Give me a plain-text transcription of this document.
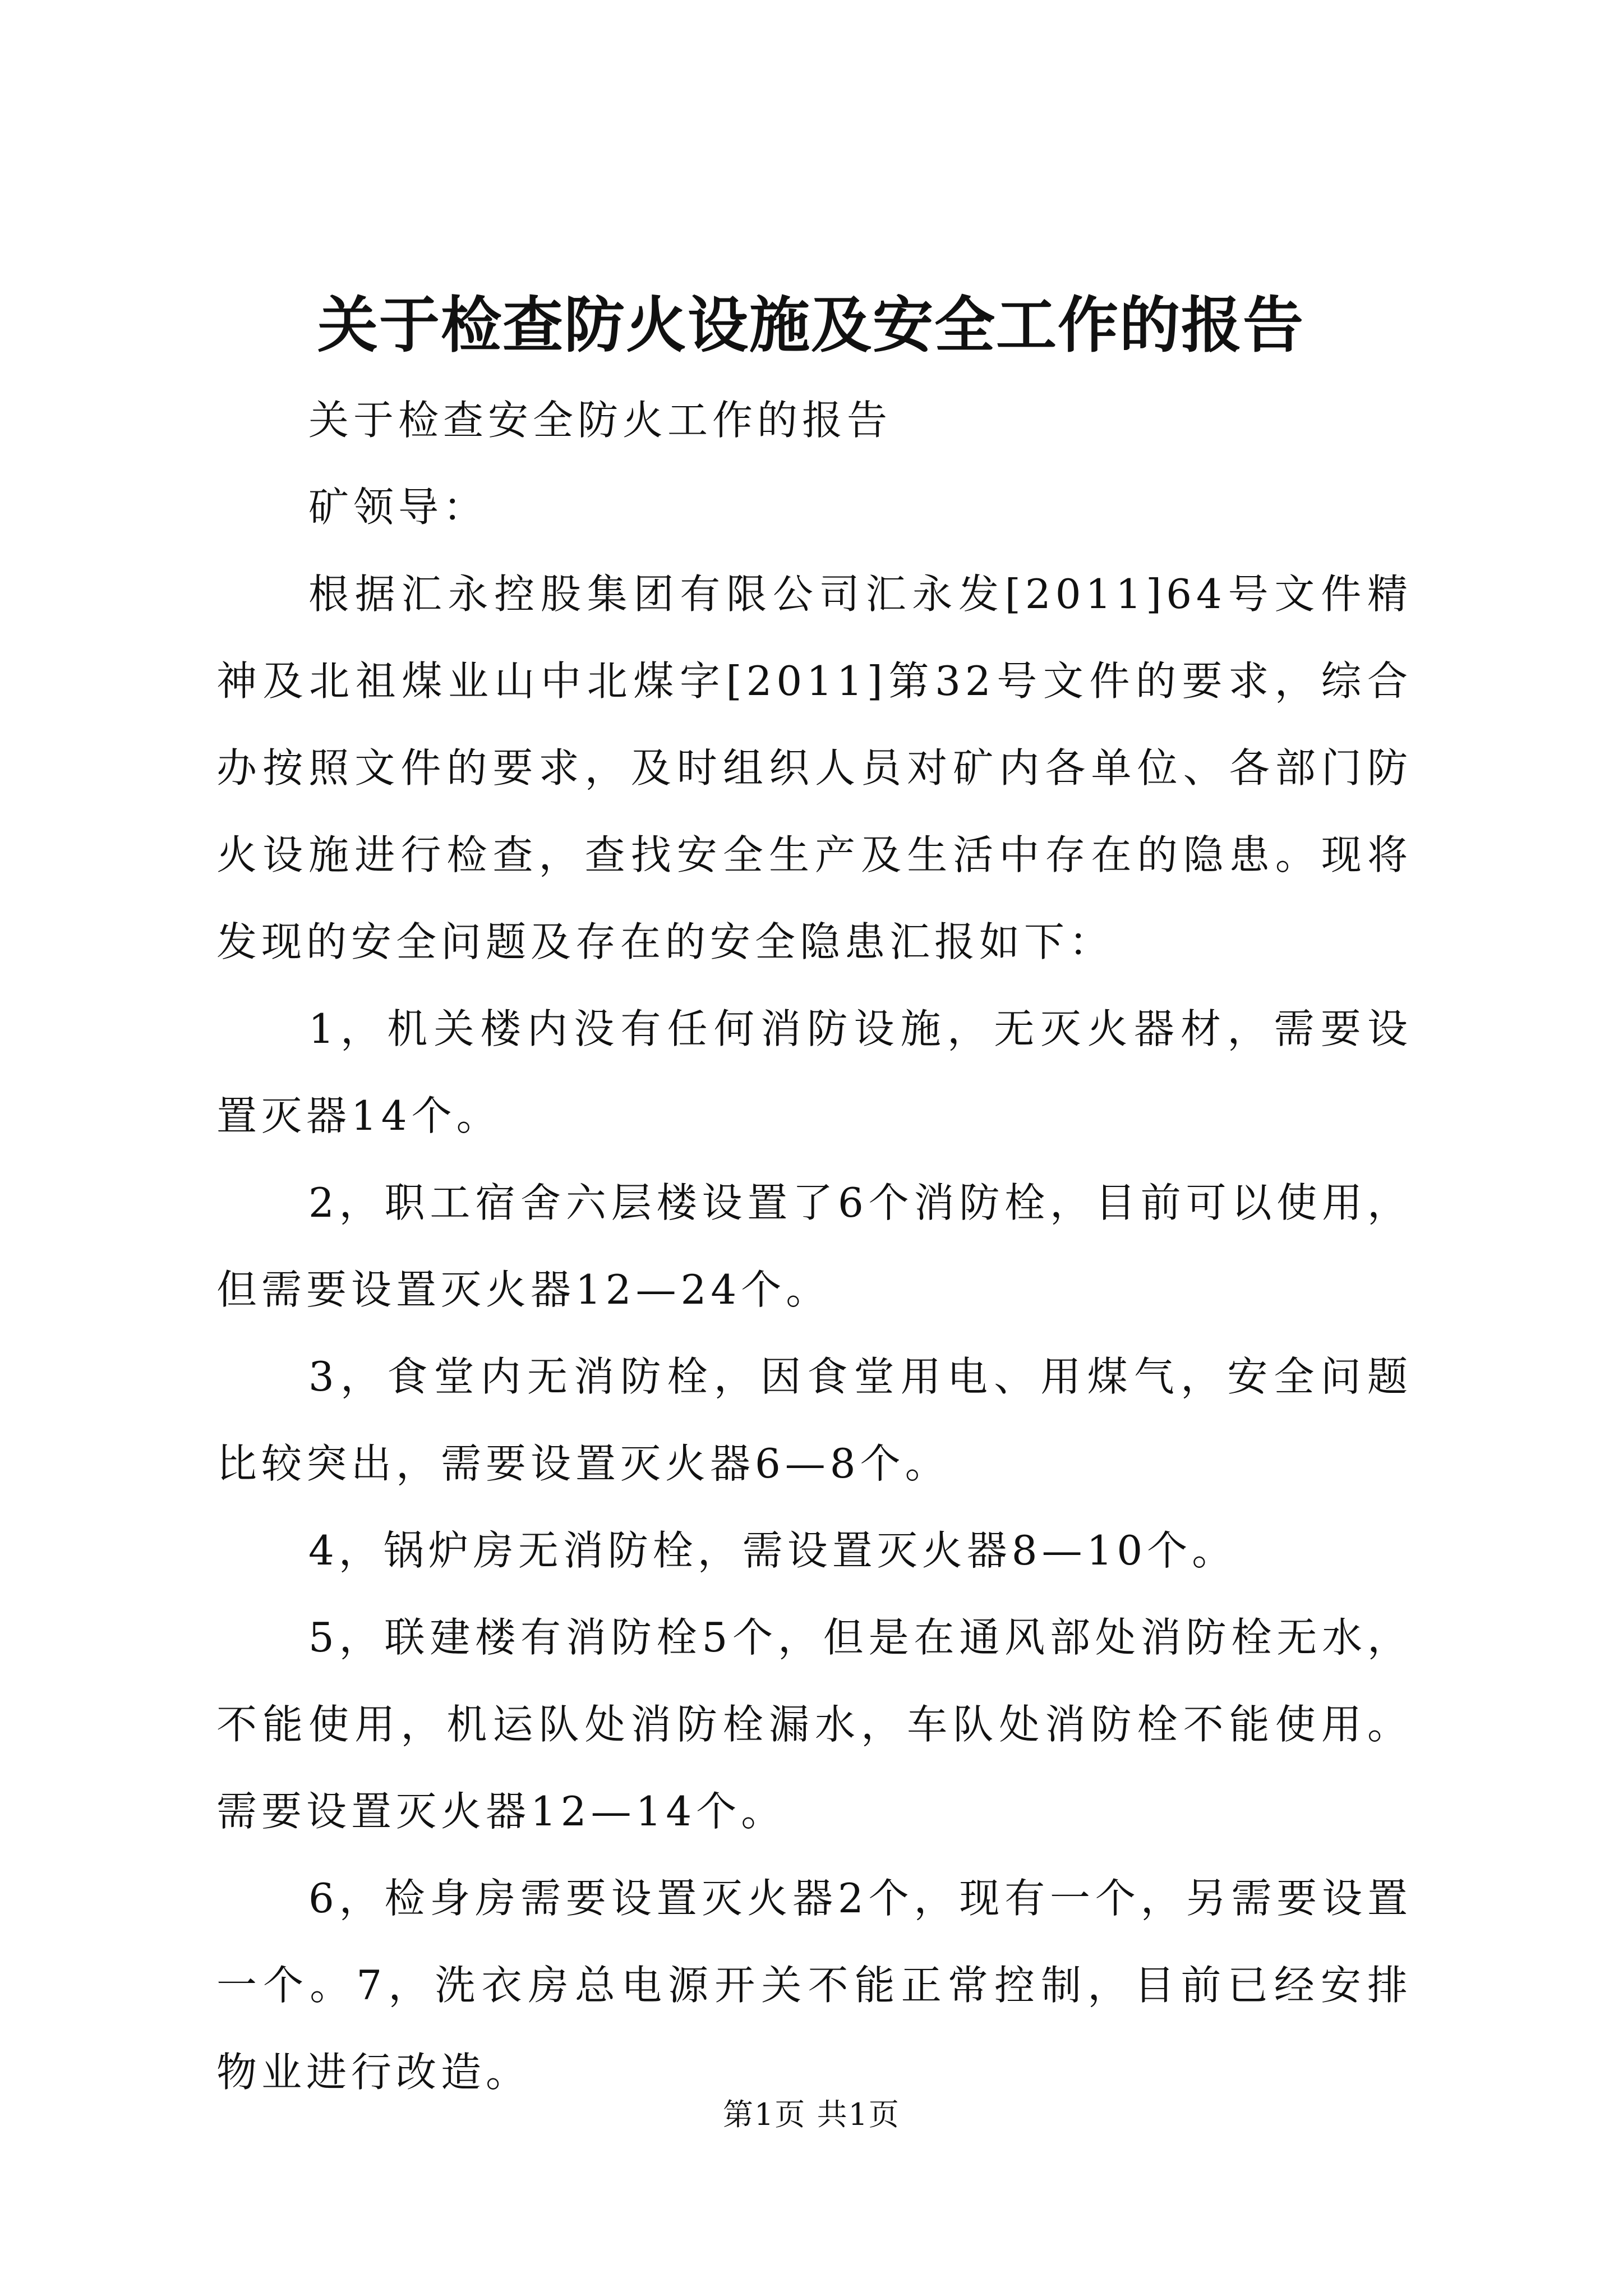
关于检查防火设施及安全工作的报告

关于检查安全防火工作的报告

矿领导：

根据汇永控股集团有限公司汇永发[2011]64号文件精神及北祖煤业山中北煤字[2011]第32号文件的要求，综合办按照文件的要求，及时组织人员对矿内各单位、各部门防火设施进行检查，查找安全生产及生活中存在的隐患。现将发现的安全问题及存在的安全隐患汇报如下：

1，机关楼内没有任何消防设施，无灭火器材，需要设置灭器14个。

2，职工宿舍六层楼设置了6个消防栓，目前可以使用，但需要设置灭火器12—24个。

3，食堂内无消防栓，因食堂用电、用煤气，安全问题比较突出，需要设置灭火器6—8个。

4，锅炉房无消防栓，需设置灭火器8—10个。

5，联建楼有消防栓5个，但是在通风部处消防栓无水，不能使用，机运队处消防栓漏水，车队处消防栓不能使用。需要设置灭火器12—14个。

6，检身房需要设置灭火器2个，现有一个，另需要设置一个。7，洗衣房总电源开关不能正常控制，目前已经安排物业进行改造。

第1页 共1页
